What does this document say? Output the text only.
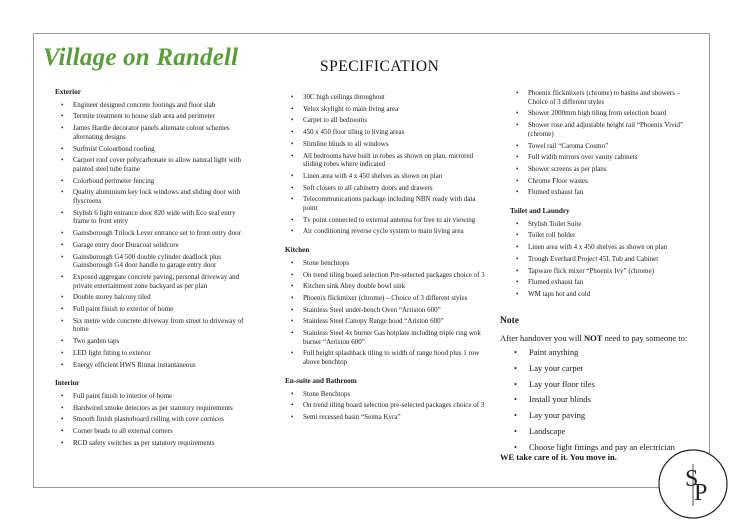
Village on Randell	SPECIFICATION
Exterior
• Engineer designed concrete footings and floor slab
• Termite treatment to house slab area and perimeter
• James Hardie decorator panels alternate colour schemes alternating designs
• Surfmist Colourbond roofing
• Carport roof cover polycarbonate to allow natural light with painted steel tube frame
• Colorbond perimeter fencing
• Quality aluminium key lock windows and sliding door with flyscreens
• Stylish 6 light entrance door 820 wide with Eco seal entry frame to front entry
• Gainsborough Trilock Lever entrance set to front entry door
• Garage entry door Duracoat solidcore
• Gainsborough G4 500 double cylinder deadlock plus Gainsborough G4 door handle to garage entry door
• Exposed aggregate concrete paving, personal driveway and private entertainment zone backyard as per plan
• Double storey balcony tiled
• Full paint finish to exterior of home
• Six metre wide concrete driveway from street to driveway of home
• Two garden taps
• LED light fitting to exterior
• Energy efficient HWS Rinnai instantaneous
Interior
• Full paint finish to interior of home
• Hardwired smoke detectors as per statutory requirements
• Smooth finish plasterboard ceiling with cove cornices
• Corner beads to all external corners
• RCD safety switches as per statutory requirements
• 30C high ceilings throughout
• Velux skylight to main living area
• Carpet to all bedrooms
• 450 x 450 floor tiling to living areas
• Slimline blinds to all windows
• All bedrooms have built in robes as shown on plan, mirrored sliding robes where indicated
• Linen area with 4 x 450 shelves as shown on plan
• Soft closers to all cabinetry doors and drawers
• Telecommunications package including NBN ready with data point
• Tv point connected to external antenna for free to air viewing
• Air conditioning reverse cycle system to main living area
Kitchen
• Stone benchtops
• On trend tiling board selection Pre-selected packages choice of 3
• Kitchen sink Abey double bowl sink
• Phoenix flickmixer (chrome) – Choice of 3 different styles
• Stainless Steel under-bench Oven “Arriston 600”
• Stainless Steel Canopy Range hood “Ariston 600”
• Stainless Steel 4x burner Gas hotplate including triple ring wok burner “Arriston 600”
• Full height splashback tiling to width of range hood plus 1 row above benchtop
En-suite and Bathroom
• Stone Benchtops
• On trend tiling board selection pre-selected packages choice of 3
• Semi recessed basin “Seima Kyra”
• Phoenix flickmixers (chrome) to basins and showers – Choice of 3 different styles
• Shower 2000mm high tiling from selection board
• Shower rose and adjustable height rail “Phoenix Vivid” (chrome)
• Towel rail “Caroma Cosmo”
• Full width mirrors over vanity cabinets
• Shower screens as per plans
• Chrome Floor wastes
• Flumed exhaust fan
Toilet and Laundry
• Stylish Toilet Suite
• Toilet roll holder
• Linen area with 4 x 450 shelves as shown on plan
• Trough Everhard Project 45L Tub and Cabinet
• Tapware flick mixer “Phoenix Ivy” (chrome)
• Flumed exhaust fan
• WM taps hot and cold
Note
After handover you will NOT need to pay someone to:
• Paint anything
• Lay your carpet
• Lay your floor tiles
• Install your blinds
• Lay your paving
• Landscape
• Choose light fittings and pay an electrician
WE take care of it. You move in.
S
P
